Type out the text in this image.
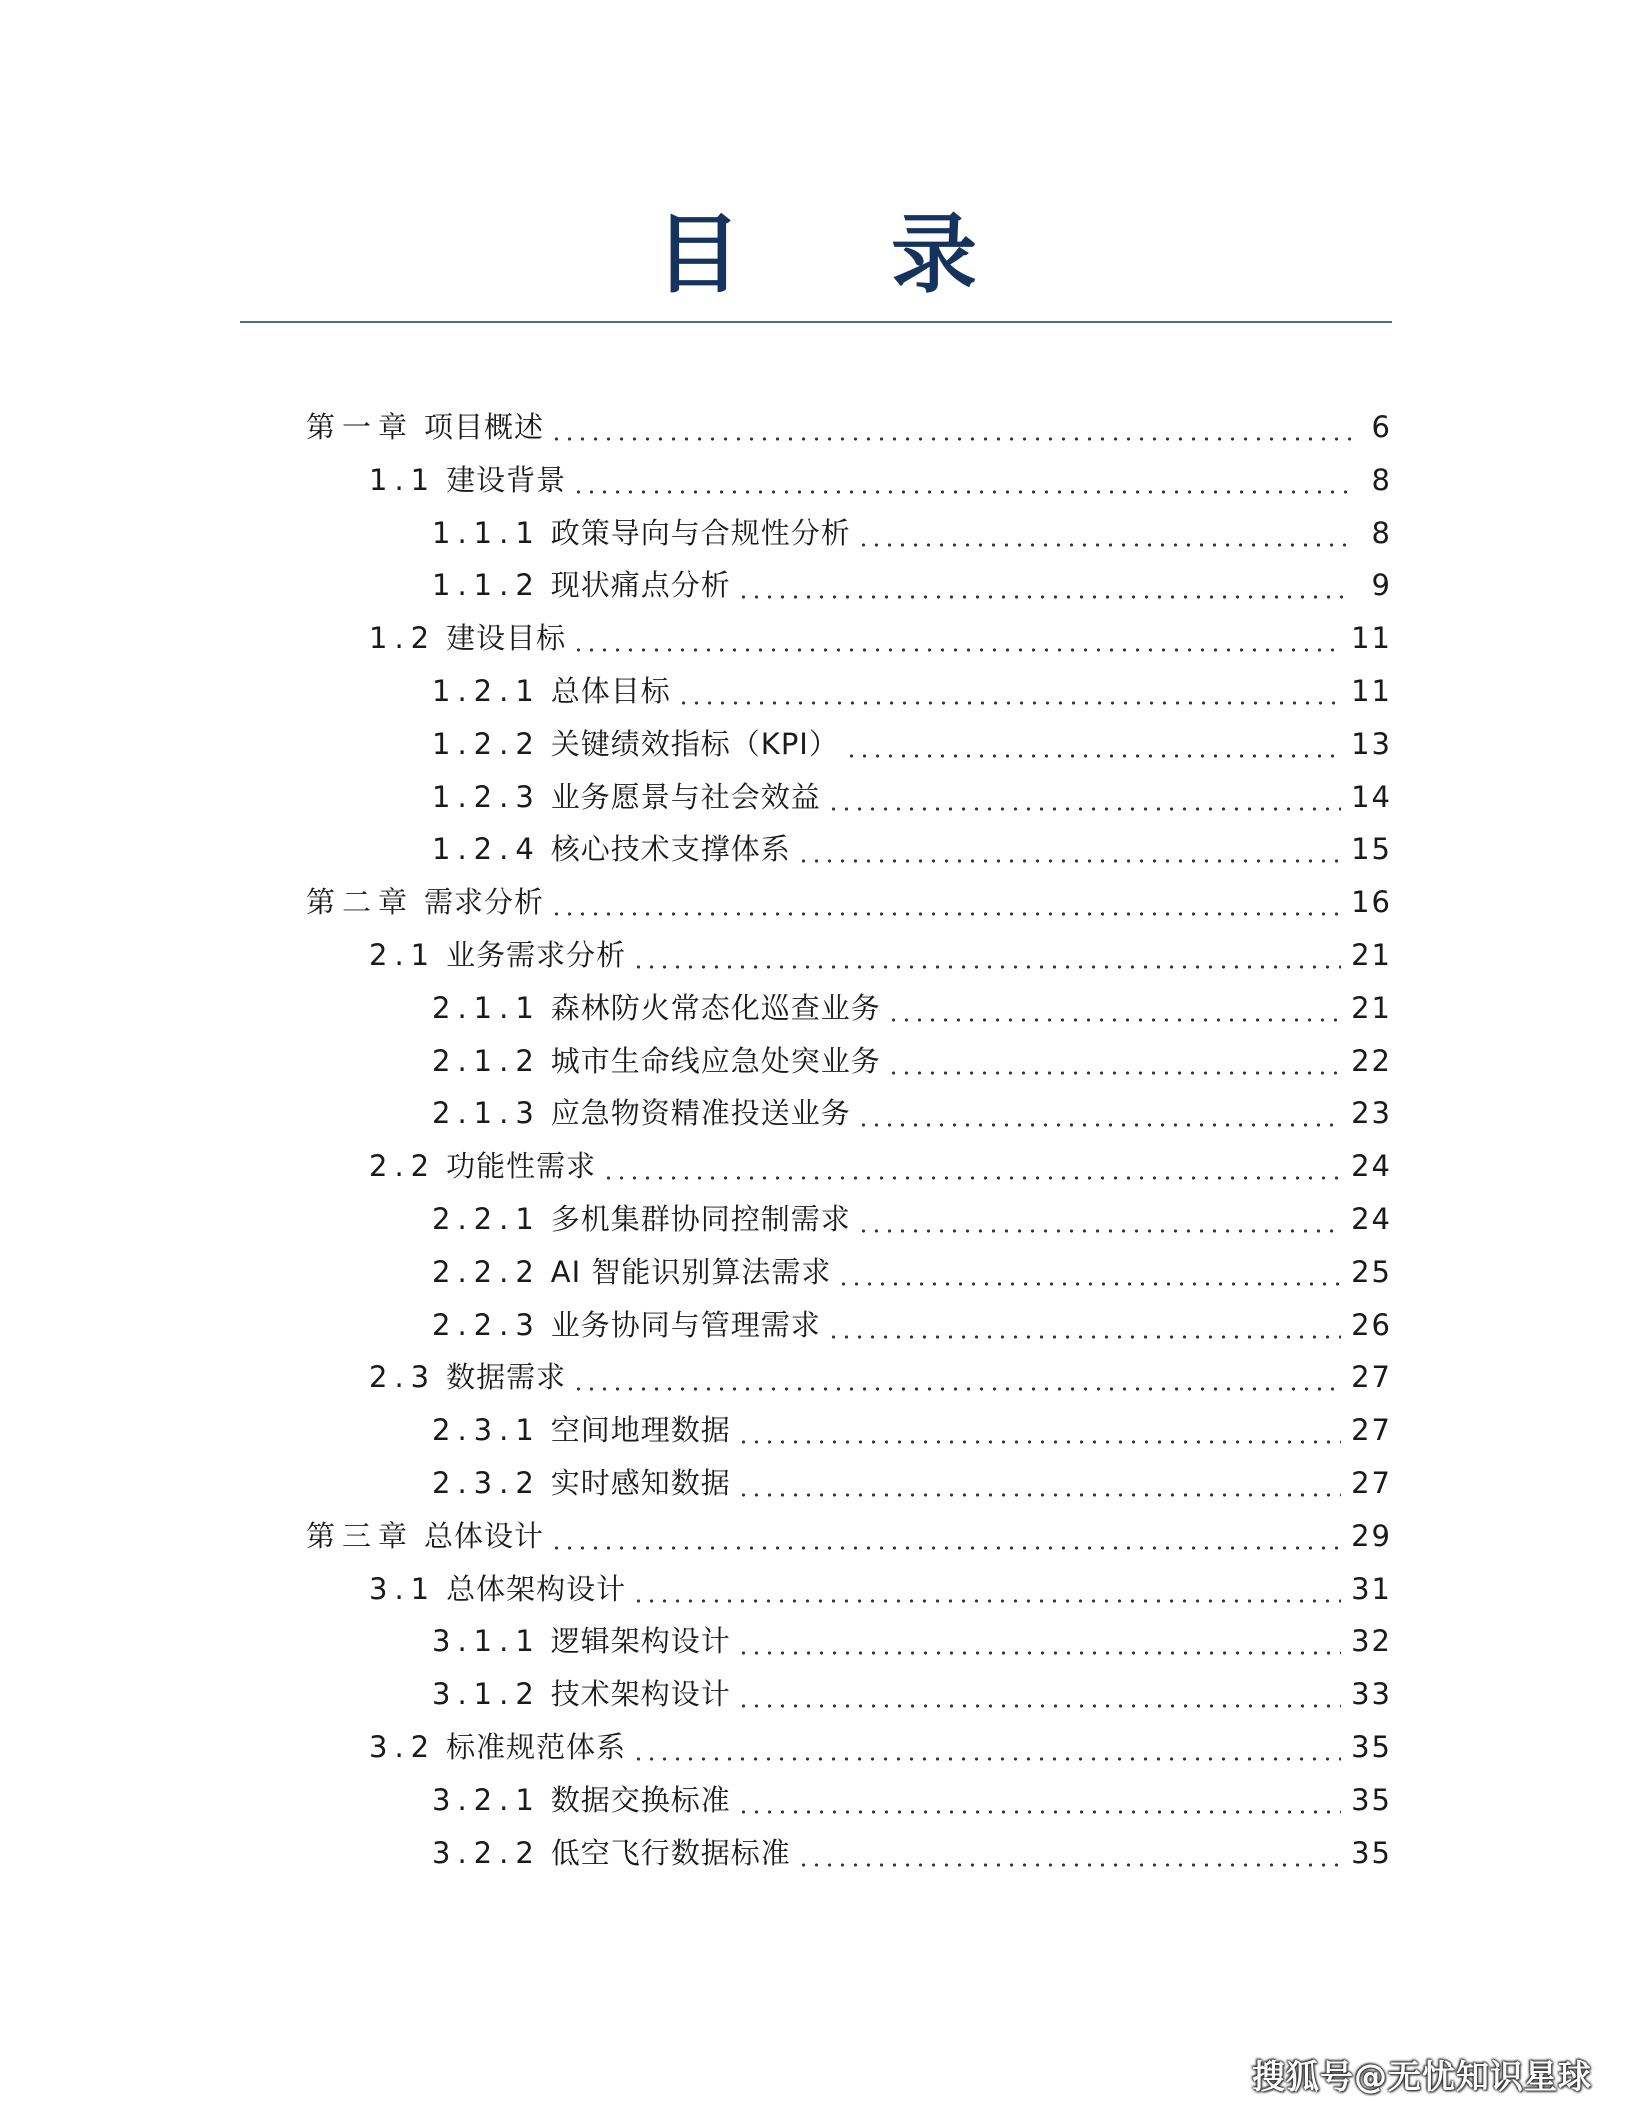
目 录
第一章 项目概述	6
1.1 建设背景	8
1.1.1 政策导向与合规性分析	8
1.1.2 现状痛点分析	9
1.2 建设目标	11
1.2.1 总体目标	11
1.2.2 关键绩效指标（KPI）	13
1.2.3 业务愿景与社会效益	14
1.2.4 核心技术支撑体系	15
第二章 需求分析	16
2.1 业务需求分析	21
2.1.1 森林防火常态化巡查业务	21
2.1.2 城市生命线应急处突业务	22
2.1.3 应急物资精准投送业务	23
2.2 功能性需求	24
2.2.1 多机集群协同控制需求	24
2.2.2 AI 智能识别算法需求	25
2.2.3 业务协同与管理需求	26
2.3 数据需求	27
2.3.1 空间地理数据	27
2.3.2 实时感知数据	27
第三章 总体设计	29
3.1 总体架构设计	31
3.1.1 逻辑架构设计	32
3.1.2 技术架构设计	33
3.2 标准规范体系	35
3.2.1 数据交换标准	35
3.2.2 低空飞行数据标准	35
搜狐号@无忧知识星球
